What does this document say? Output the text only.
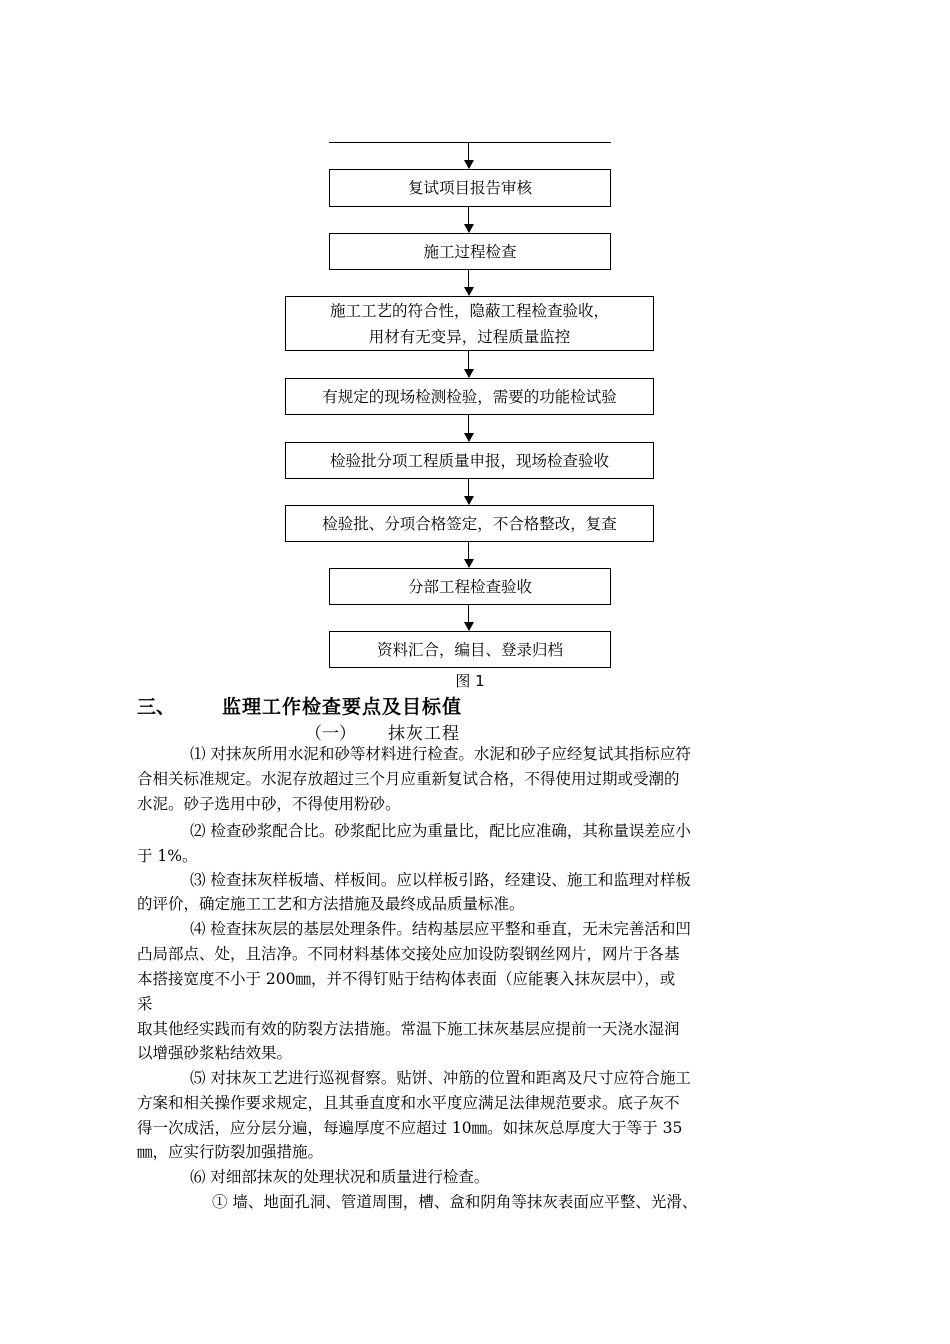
复试项目报告审核
施工过程检查
施工工艺的符合性，隐蔽工程检查验收，
用材有无变异，过程质量监控
有规定的现场检测检验，需要的功能检试验
检验批分项工程质量申报，现场检查验收
检验批、分项合格签定，不合格整改，复查
分部工程检查验收
资料汇合，编目、登录归档
图 1
三、 监理工作检查要点及目标值
（一） 抹灰工程
⑴ 对抹灰所用水泥和砂等材料进行检查。水泥和砂子应经复试其指标应符
合相关标准规定。水泥存放超过三个月应重新复试合格，不得使用过期或受潮的
水泥。砂子选用中砂，不得使用粉砂。
⑵ 检查砂浆配合比。砂浆配比应为重量比，配比应准确，其称量误差应小
于 1%。
⑶ 检查抹灰样板墙、样板间。应以样板引路，经建设、施工和监理对样板
的评价，确定施工工艺和方法措施及最终成品质量标准。
⑷ 检查抹灰层的基层处理条件。结构基层应平整和垂直，无未完善活和凹
凸局部点、处，且洁净。不同材料基体交接处应加设防裂钢丝网片，网片于各基
本搭接宽度不小于 200㎜，并不得钉贴于结构体表面（应能裹入抹灰层中），或
采
取其他经实践而有效的防裂方法措施。常温下施工抹灰基层应提前一天浇水湿润
以增强砂浆粘结效果。
⑸ 对抹灰工艺进行巡视督察。贴饼、冲筋的位置和距离及尺寸应符合施工
方案和相关操作要求规定，且其垂直度和水平度应满足法律规范要求。底子灰不
得一次成活，应分层分遍，每遍厚度不应超过 10㎜。如抹灰总厚度大于等于 35
㎜，应实行防裂加强措施。
⑹ 对细部抹灰的处理状况和质量进行检查。
① 墙、地面孔洞、管道周围，槽、盒和阴角等抹灰表面应平整、光滑、
